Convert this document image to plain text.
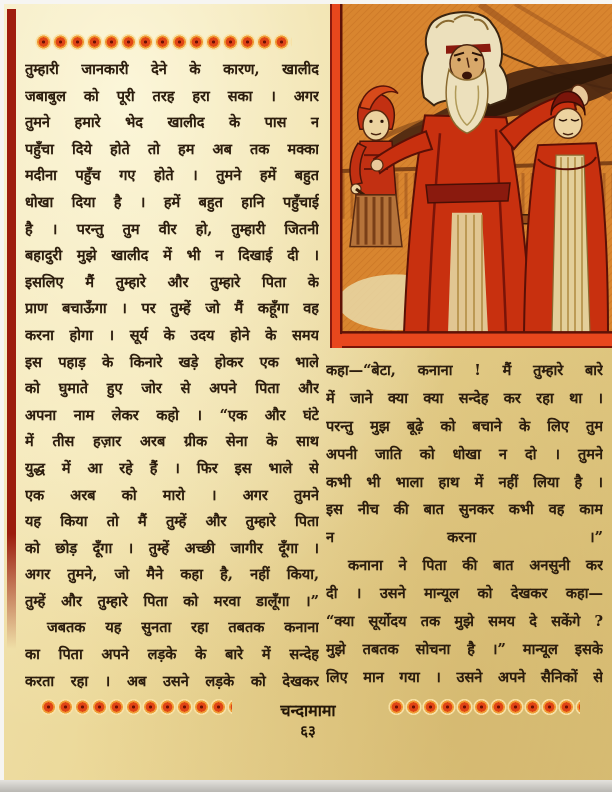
तुम्हारी जानकारी देने के कारण, खालीद
जबाबुल को पूरी तरह हरा सका । अगर
तुमने हमारे भेद खालीद के पास न
पहुँचा दिये होते तो हम अब तक मक्का
मदीना पहुँच गए होते । तुमने हमें बहुत
धोखा दिया है । हमें बहुत हानि पहुँचाई
है । परन्तु तुम वीर हो, तुम्हारी जितनी
बहादुरी मुझे खालीद में भी न दिखाई दी ।
इसलिए मैं तुम्हारे और तुम्हारे पिता के
प्राण बचाऊँगा । पर तुम्हें जो मैं कहूँगा वह
करना होगा । सूर्य के उदय होने के समय
इस पहाड़ के किनारे खड़े होकर एक भाले
को घुमाते हुए जोर से अपने पिता और
अपना नाम लेकर कहो । “एक और घंटे
में तीस हज़ार अरब ग्रीक सेना के साथ
युद्ध में आ रहे हैं । फिर इस भाले से
एक अरब को मारो । अगर तुमने
यह किया तो मैं तुम्हें और तुम्हारे पिता
को छोड़ दूँगा । तुम्हें अच्छी जागीर दूँगा ।
अगर तुमने, जो मैने कहा है, नहीं किया,
तुम्हें और तुम्हारे पिता को मरवा डालूँगा ।”
जबतक यह सुनता रहा तबतक कनाना
का पिता अपने लड़के के बारे में सन्देह
करता रहा । अब उसने लड़के को देखकर
कहा—“बेटा, कनाना ! मैं तुम्हारे बारे
में जाने क्या क्या सन्देह कर रहा था ।
परन्तु मुझ बूढ़े को बचाने के लिए तुम
अपनी जाति को धोखा न दो । तुमने
कभी भी भाला हाथ में नहीं लिया है ।
इस नीच की बात सुनकर कभी वह काम
न करना ।”
कनाना ने पिता की बात अनसुनी कर
दी । उसने मान्यूल को देखकर कहा—
“क्या सूर्योदय तक मुझे समय दे सकेंगे ?
मुझे तबतक सोचना है ।” मान्यूल इसके
लिए मान गया । उसने अपने सैनिकों से
चन्दामामा
६३
